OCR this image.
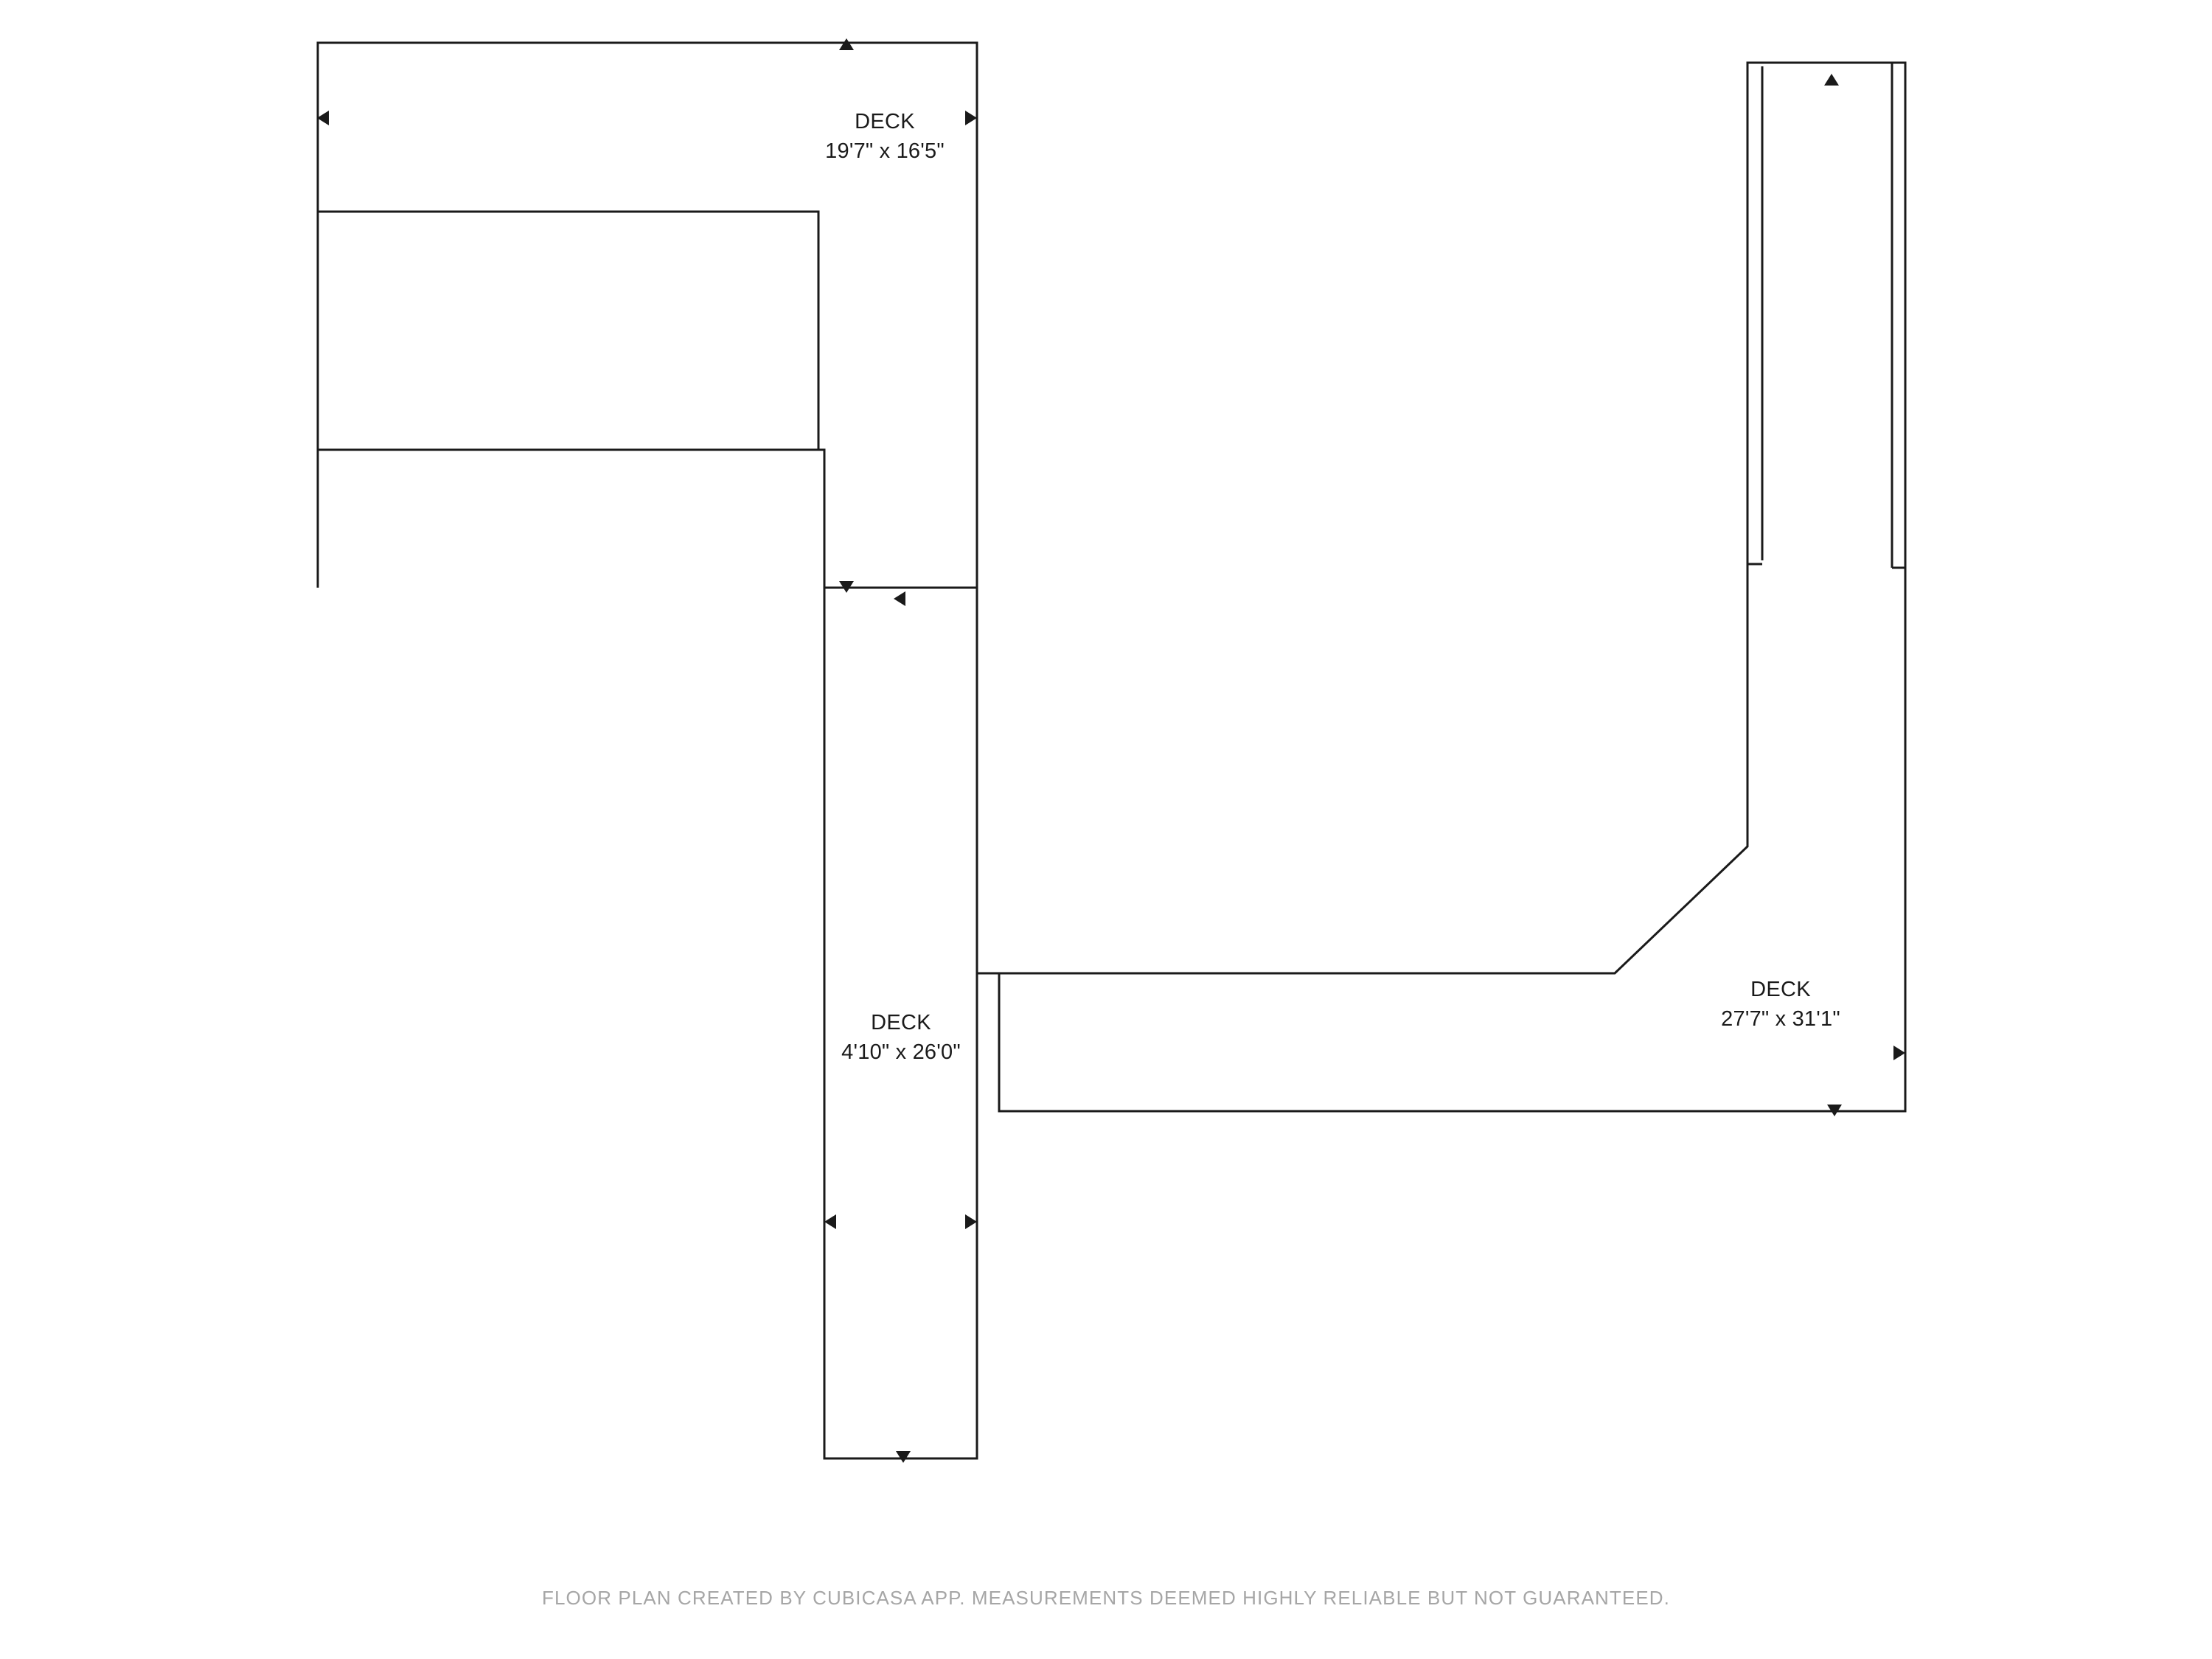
DECK
19'7" x 16'5"
DECK
4'10" x 26'0"
DECK
27'7" x 31'1"
FLOOR PLAN CREATED BY CUBICASA APP. MEASUREMENTS DEEMED HIGHLY RELIABLE BUT NOT GUARANTEED.
